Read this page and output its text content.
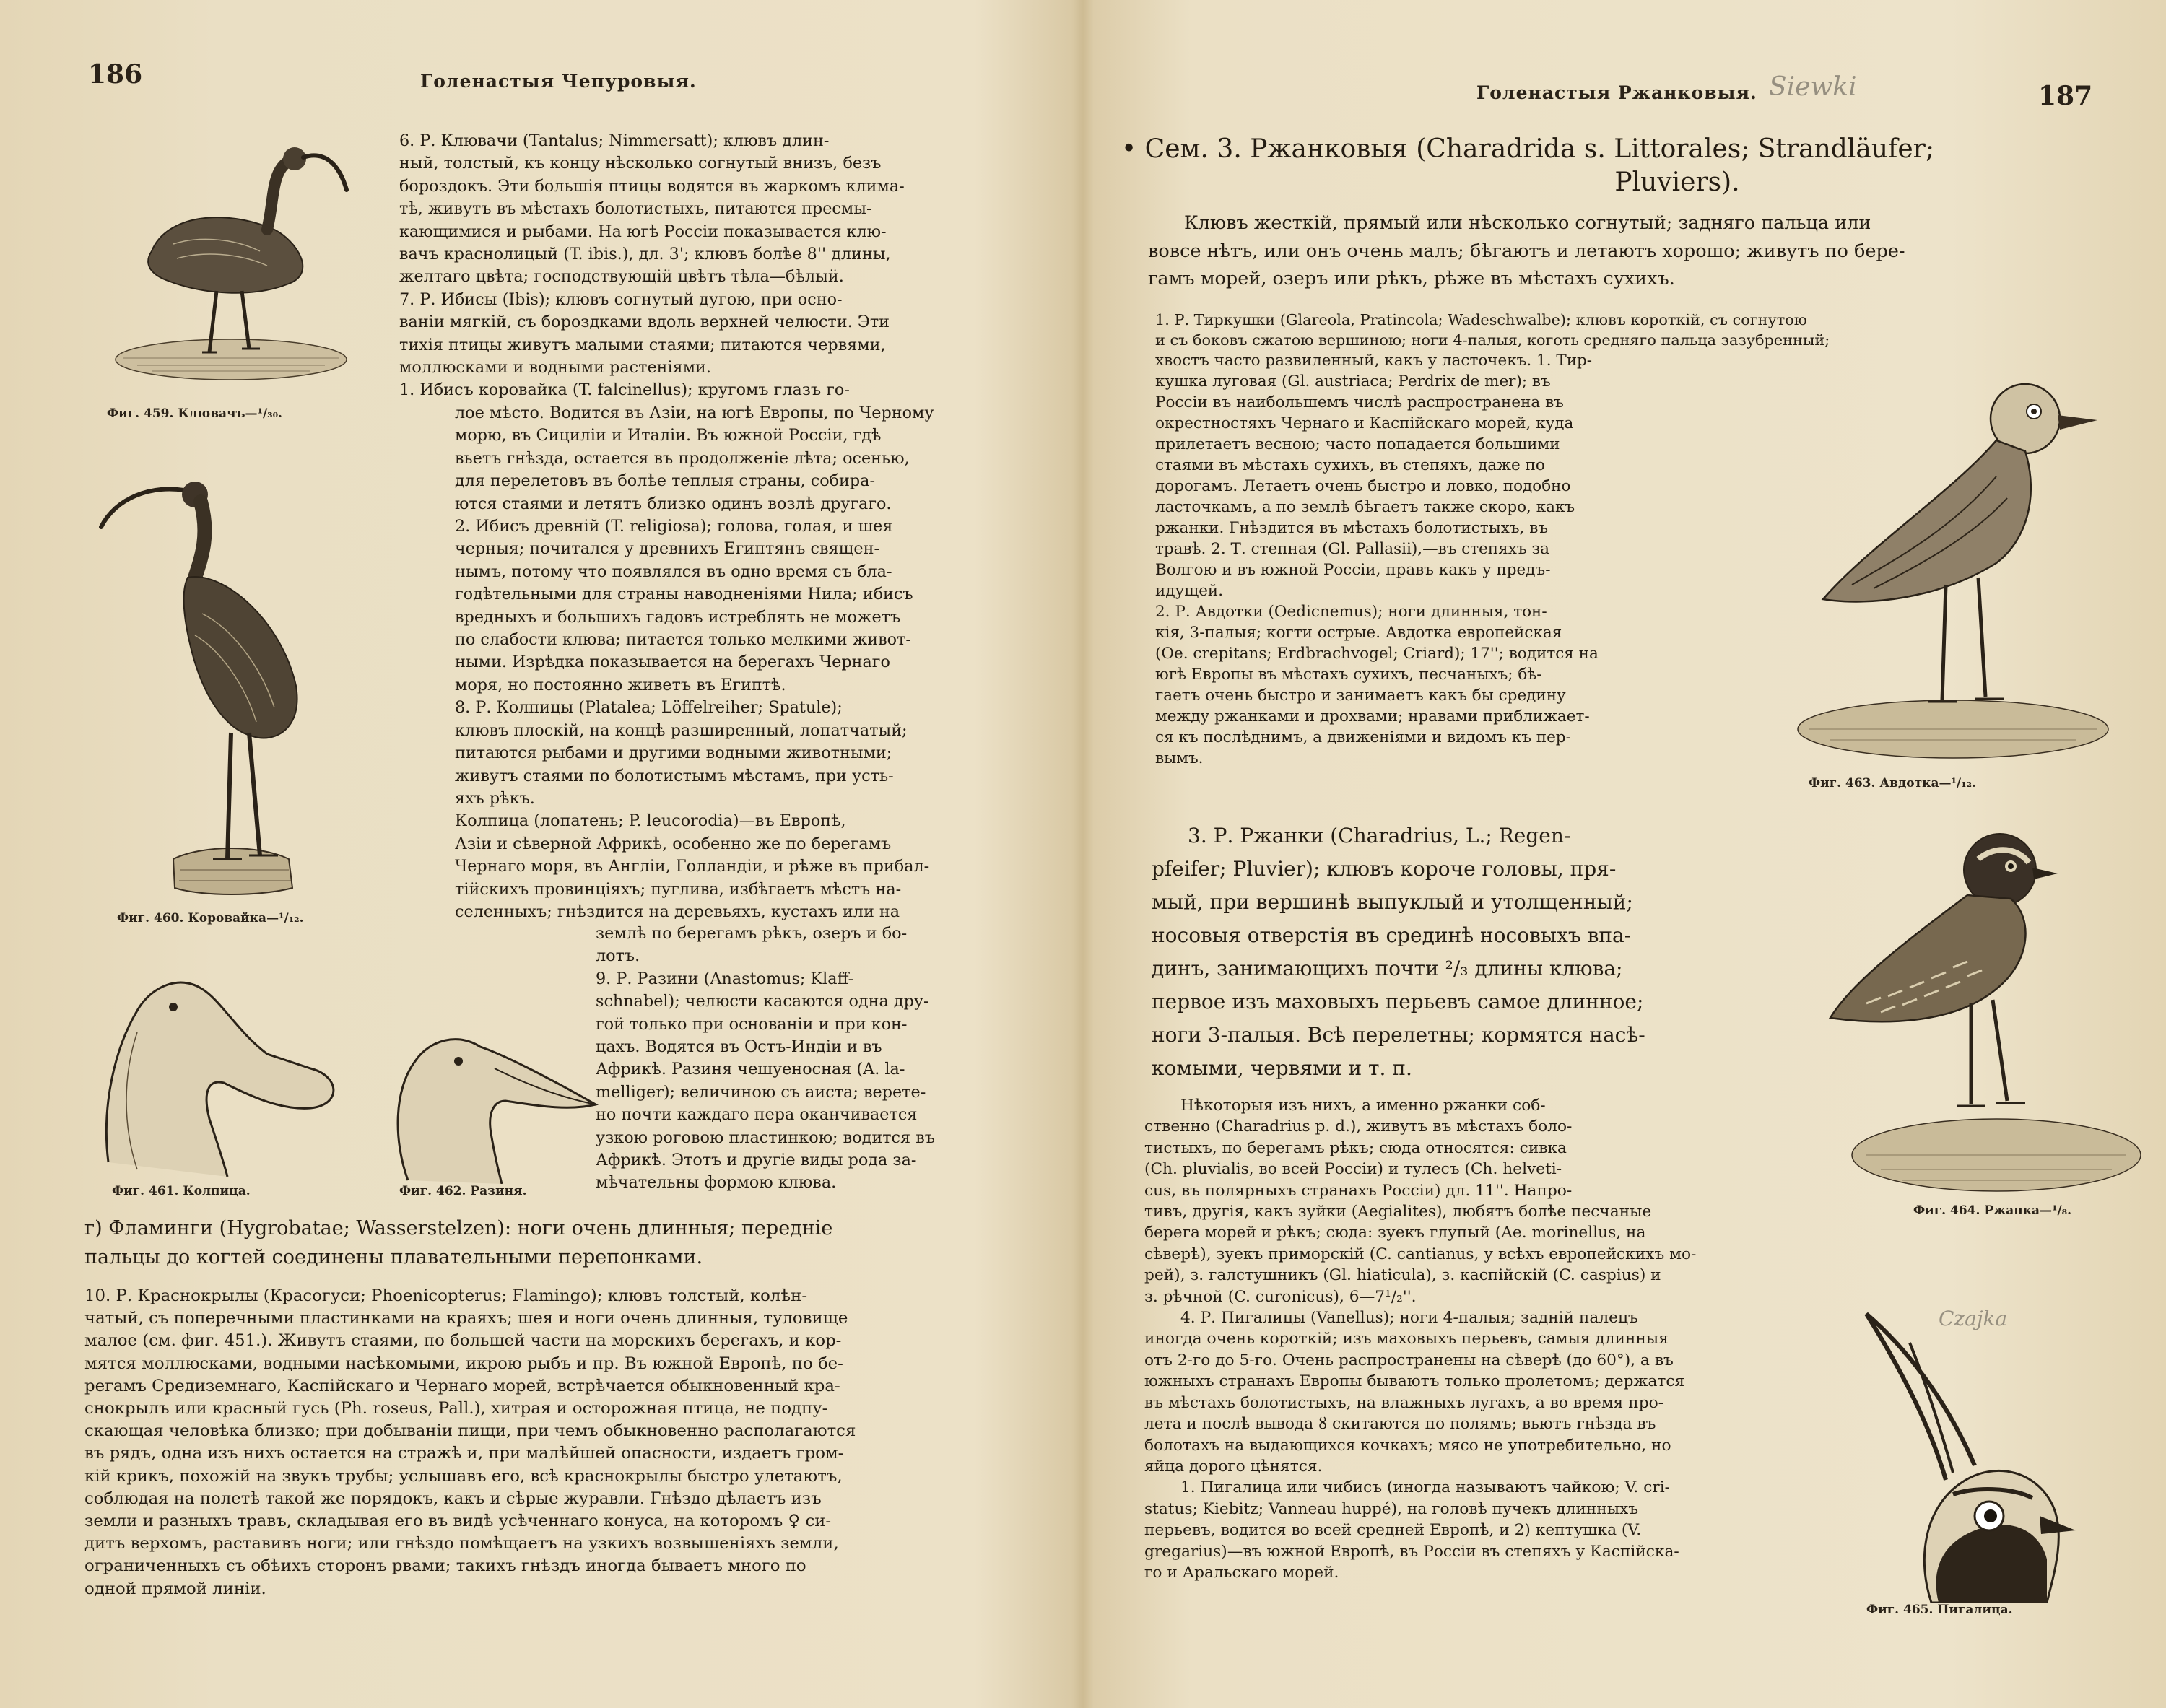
186	Голенастыя Чепуровыя.
Фиг. 459. Клювачъ—¹/₃₀.
Фиг. 460. Коровайка—¹/₁₂.
Фиг. 461. Колпица.	Фиг. 462. Разиня.
6. Р. Клювачи (Tantalus; Nimmersatt); клювъ длин-
ный, толстый, къ концу нѣсколько согнутый внизъ, безъ
бороздокъ. Эти большія птицы водятся въ жаркомъ клима-
тѣ, живутъ въ мѣстахъ болотистыхъ, питаются пресмы-
кающимися и рыбами. На югѣ Россіи показывается клю-
вачъ краснолицый (T. ibis.), дл. 3'; клювъ болѣе 8'' длины,
желтаго цвѣта; господствующій цвѣтъ тѣла—бѣлый.
7. Р. Ибисы (Ibis); клювъ согнутый дугою, при осно-
ваніи мягкій, съ бороздками вдоль верхней челюсти. Эти
тихія птицы живутъ малыми стаями; питаются червями,
моллюсками и водными растеніями.
1. Ибисъ коровайка (T. falcinellus); кругомъ глазъ го-
лое мѣсто. Водится въ Азіи, на югѣ Европы, по Черному
морю, въ Сициліи и Италіи. Въ южной Россіи, гдѣ
вьетъ гнѣзда, остается въ продолженіе лѣта; осенью,
для перелетовъ въ болѣе теплыя страны, собира-
ются стаями и летятъ близко одинъ возлѣ другаго.
2. Ибисъ древній (T. religiosa); голова, голая, и шея
черныя; почитался у древнихъ Египтянъ священ-
нымъ, потому что появлялся въ одно время съ бла-
годѣтельными для страны наводненіями Нила; ибисъ
вредныхъ и большихъ гадовъ истреблять не можетъ
по слабости клюва; питается только мелкими живот-
ными. Изрѣдка показывается на берегахъ Чернаго
моря, но постоянно живетъ въ Египтѣ.
8. Р. Колпицы (Platalea; Löffelreiher; Spatule);
клювъ плоскій, на концѣ разширенный, лопатчатый;
питаются рыбами и другими водными животными;
живутъ стаями по болотистымъ мѣстамъ, при усть-
яхъ рѣкъ.
Колпица (лопатень; P. leucorodia)—въ Европѣ,
Азіи и сѣверной Африкѣ, особенно же по берегамъ
Чернаго моря, въ Англіи, Голландіи, и рѣже въ прибал-
тійскихъ провинціяхъ; пуглива, избѣгаетъ мѣстъ на-
селенныхъ; гнѣздится на деревьяхъ, кустахъ или на
землѣ по берегамъ рѣкъ, озеръ и бо-
лотъ.
9. Р. Разини (Anastomus; Klaff-
schnabel); челюсти касаются одна дру-
гой только при основаніи и при кон-
цахъ. Водятся въ Остъ-Индіи и въ
Африкѣ. Разиня чешуеносная (A. la-
melliger); величиною съ аиста; верете-
но почти каждаго пера оканчивается
узкою роговою пластинкою; водится въ
Африкѣ. Этотъ и другіе виды рода за-
мѣчательны формою клюва.
г) Фламинги (Hygrobatae; Wasserstelzen): ноги очень длинныя; передніе
пальцы до когтей соединены плавательными перепонками.
10. Р. Краснокрылы (Красогуси; Phoenicopterus; Flamingo); клювъ толстый, колѣн-
чатый, съ поперечными пластинками на краяхъ; шея и ноги очень длинныя, туловище
малое (см. фиг. 451.). Живутъ стаями, по большей части на морскихъ берегахъ, и кор-
мятся моллюсками, водными насѣкомыми, икрою рыбъ и пр. Въ южной Европѣ, по бе-
регамъ Средиземнаго, Каспійскаго и Чернаго морей, встрѣчается обыкновенный кра-
снокрылъ или красный гусь (Ph. roseus, Pall.), хитрая и осторожная птица, не подпу-
скающая человѣка близко; при добываніи пищи, при чемъ обыкновенно располагаются
въ рядъ, одна изъ нихъ остается на стражѣ и, при малѣйшей опасности, издаетъ гром-
кій крикъ, похожій на звукъ трубы; услышавъ его, всѣ краснокрылы быстро улетаютъ,
соблюдая на полетѣ такой же порядокъ, какъ и сѣрые журавли. Гнѣздо дѣлаетъ изъ
земли и разныхъ травъ, складывая его въ видѣ усѣченнаго конуса, на которомъ ♀ си-
дитъ верхомъ, раставивъ ноги; или гнѣздо помѣщаетъ на узкихъ возвышеніяхъ земли,
ограниченныхъ съ обѣихъ сторонъ рвами; такихъ гнѣздъ иногда бываетъ много по
одной прямой линіи.
Голенастыя Ржанковыя. Siewki	187
• Сем. 3. Ржанковыя (Charadrida s. Littorales; Strandläufer;
Pluviers).
Клювъ жесткій, прямый или нѣсколько согнутый; задняго пальца или
вовсе нѣтъ, или онъ очень малъ; бѣгаютъ и летаютъ хорошо; живутъ по бере-
гамъ морей, озеръ или рѣкъ, рѣже въ мѣстахъ сухихъ.
1. Р. Тиркушки (Glareola, Pratincola; Wadeschwalbe); клювъ короткій, съ согнутою
и съ боковъ сжатою вершиною; ноги 4-палыя, коготь средняго пальца зазубренный;
хвостъ часто развиленный, какъ у ласточекъ. 1. Тир-
кушка луговая (Gl. austriaca; Perdrix de mer); въ
Россіи въ наибольшемъ числѣ распространена въ
окрестностяхъ Чернаго и Каспійскаго морей, куда
прилетаетъ весною; часто попадается большими
стаями въ мѣстахъ сухихъ, въ степяхъ, даже по
дорогамъ. Летаетъ очень быстро и ловко, подобно
ласточкамъ, а по землѣ бѣгаетъ также скоро, какъ
ржанки. Гнѣздится въ мѣстахъ болотистыхъ, въ
травѣ. 2. Т. степная (Gl. Pallasii),—въ степяхъ за
Волгою и въ южной Россіи, правъ какъ у предъ-
идущей.
2. Р. Авдотки (Oedicnemus); ноги длинныя, тон-
кія, 3-палыя; когти острые. Авдотка европейская
(Oe. crepitans; Erdbrachvogel; Criard); 17''; водится на
югѣ Европы въ мѣстахъ сухихъ, песчаныхъ; бѣ-
гаетъ очень быстро и занимаетъ какъ бы средину
между ржанками и дрохвами; нравами приближает-
ся къ послѣднимъ, а движеніями и видомъ къ пер-
вымъ.
Фиг. 463. Авдотка—¹/₁₂.
3. Р. Ржанки (Charadrius, L.; Regen-
pfeifer; Pluvier); клювъ короче головы, пря-
мый, при вершинѣ выпуклый и утолщенный;
носовыя отверстія въ срединѣ носовыхъ впа-
динъ, занимающихъ почти ²/₃ длины клюва;
первое изъ маховыхъ перьевъ самое длинное;
ноги 3-палыя. Всѣ перелетны; кормятся насѣ-
комыми, червями и т. п.
Фиг. 464. Ржанка—¹/₈.
Нѣкоторыя изъ нихъ, а именно ржанки соб-
ственно (Charadrius p. d.), живутъ въ мѣстахъ боло-
тистыхъ, по берегамъ рѣкъ; сюда относятся: сивка
(Ch. pluvialis, во всей Россіи) и тулесъ (Ch. helveti-
cus, въ полярныхъ странахъ Россіи) дл. 11''. Напро-
тивъ, другія, какъ зуйки (Aegialites), любятъ болѣе песчаные
берега морей и рѣкъ; сюда: зуекъ глупый (Ae. morinellus, на
сѣверѣ), зуекъ приморскій (C. cantianus, у всѣхъ европейскихъ мо-
рей), з. галстушникъ (Gl. hiaticula), з. каспійскій (C. caspius) и
з. рѣчной (C. curonicus), 6—7¹/₂''.
4. Р. Пигалицы (Vanellus); ноги 4-палыя; задній палецъ
иногда очень короткій; изъ маховыхъ перьевъ, самыя длинныя
отъ 2-го до 5-го. Очень распространены на сѣверѣ (до 60°), а въ
южныхъ странахъ Европы бываютъ только пролетомъ; держатся
въ мѣстахъ болотистыхъ, на влажныхъ лугахъ, а во время про-
лета и послѣ вывода ȣ скитаются по полямъ; вьютъ гнѣзда въ
болотахъ на выдающихся кочкахъ; мясо не употребительно, но
яйца дорого цѣнятся.
1. Пигалица или чибисъ (иногда называютъ чайкою; V. cri-
status; Kiebitz; Vanneau huppé), на головѣ пучекъ длинныхъ
перьевъ, водится во всей средней Европѣ, и 2) кептушка (V.
gregarius)—въ южной Европѣ, въ Россіи въ степяхъ у Каспійска-
го и Аральскаго морей.
Czajka
Фиг. 465. Пигалица.
